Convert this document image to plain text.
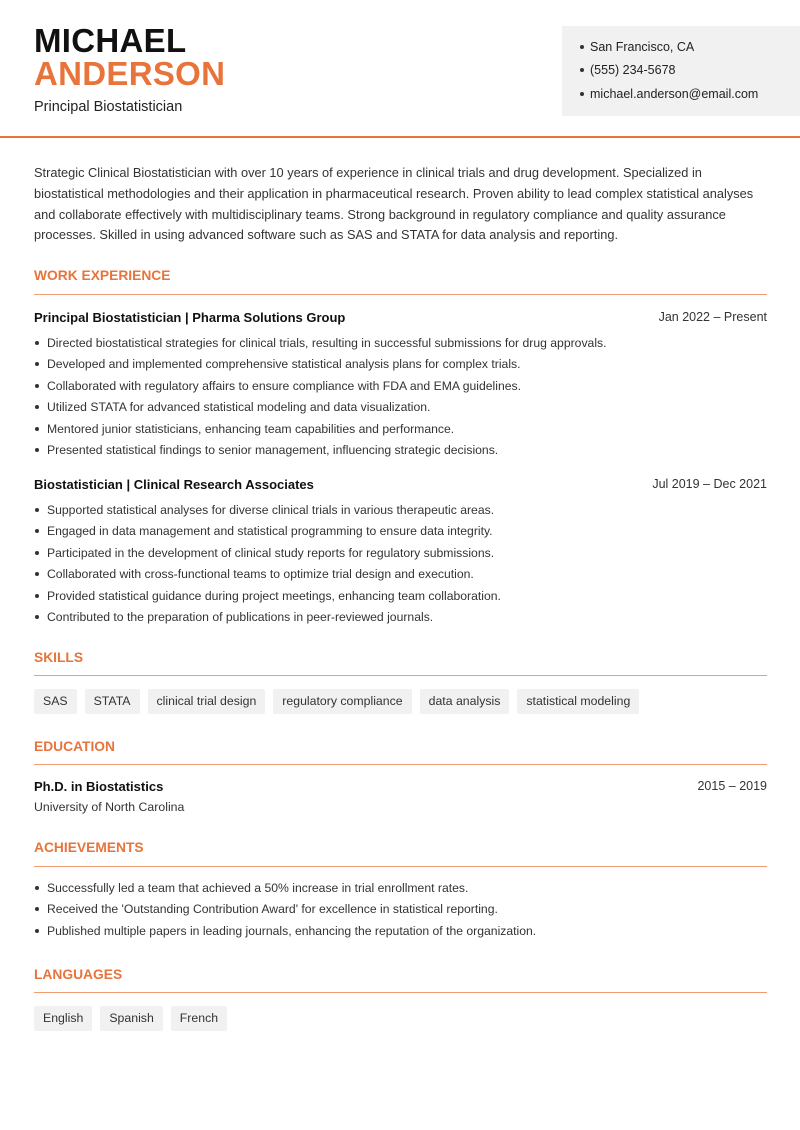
MICHAEL
ANDERSON
Principal Biostatistician
San Francisco, CA
(555) 234-5678
michael.anderson@email.com
Strategic Clinical Biostatistician with over 10 years of experience in clinical trials and drug development. Specialized in biostatistical methodologies and their application in pharmaceutical research. Proven ability to lead complex statistical analyses and collaborate effectively with multidisciplinary teams. Strong background in regulatory compliance and quality assurance processes. Skilled in using advanced software such as SAS and STATA for data analysis and reporting.
WORK EXPERIENCE
Principal Biostatistician | Pharma Solutions Group	Jan 2022 – Present
Directed biostatistical strategies for clinical trials, resulting in successful submissions for drug approvals.
Developed and implemented comprehensive statistical analysis plans for complex trials.
Collaborated with regulatory affairs to ensure compliance with FDA and EMA guidelines.
Utilized STATA for advanced statistical modeling and data visualization.
Mentored junior statisticians, enhancing team capabilities and performance.
Presented statistical findings to senior management, influencing strategic decisions.
Biostatistician | Clinical Research Associates	Jul 2019 – Dec 2021
Supported statistical analyses for diverse clinical trials in various therapeutic areas.
Engaged in data management and statistical programming to ensure data integrity.
Participated in the development of clinical study reports for regulatory submissions.
Collaborated with cross-functional teams to optimize trial design and execution.
Provided statistical guidance during project meetings, enhancing team collaboration.
Contributed to the preparation of publications in peer-reviewed journals.
SKILLS
SAS	STATA	clinical trial design	regulatory compliance	data analysis	statistical modeling
EDUCATION
Ph.D. in Biostatistics	2015 – 2019
University of North Carolina
ACHIEVEMENTS
Successfully led a team that achieved a 50% increase in trial enrollment rates.
Received the 'Outstanding Contribution Award' for excellence in statistical reporting.
Published multiple papers in leading journals, enhancing the reputation of the organization.
LANGUAGES
English	Spanish	French
